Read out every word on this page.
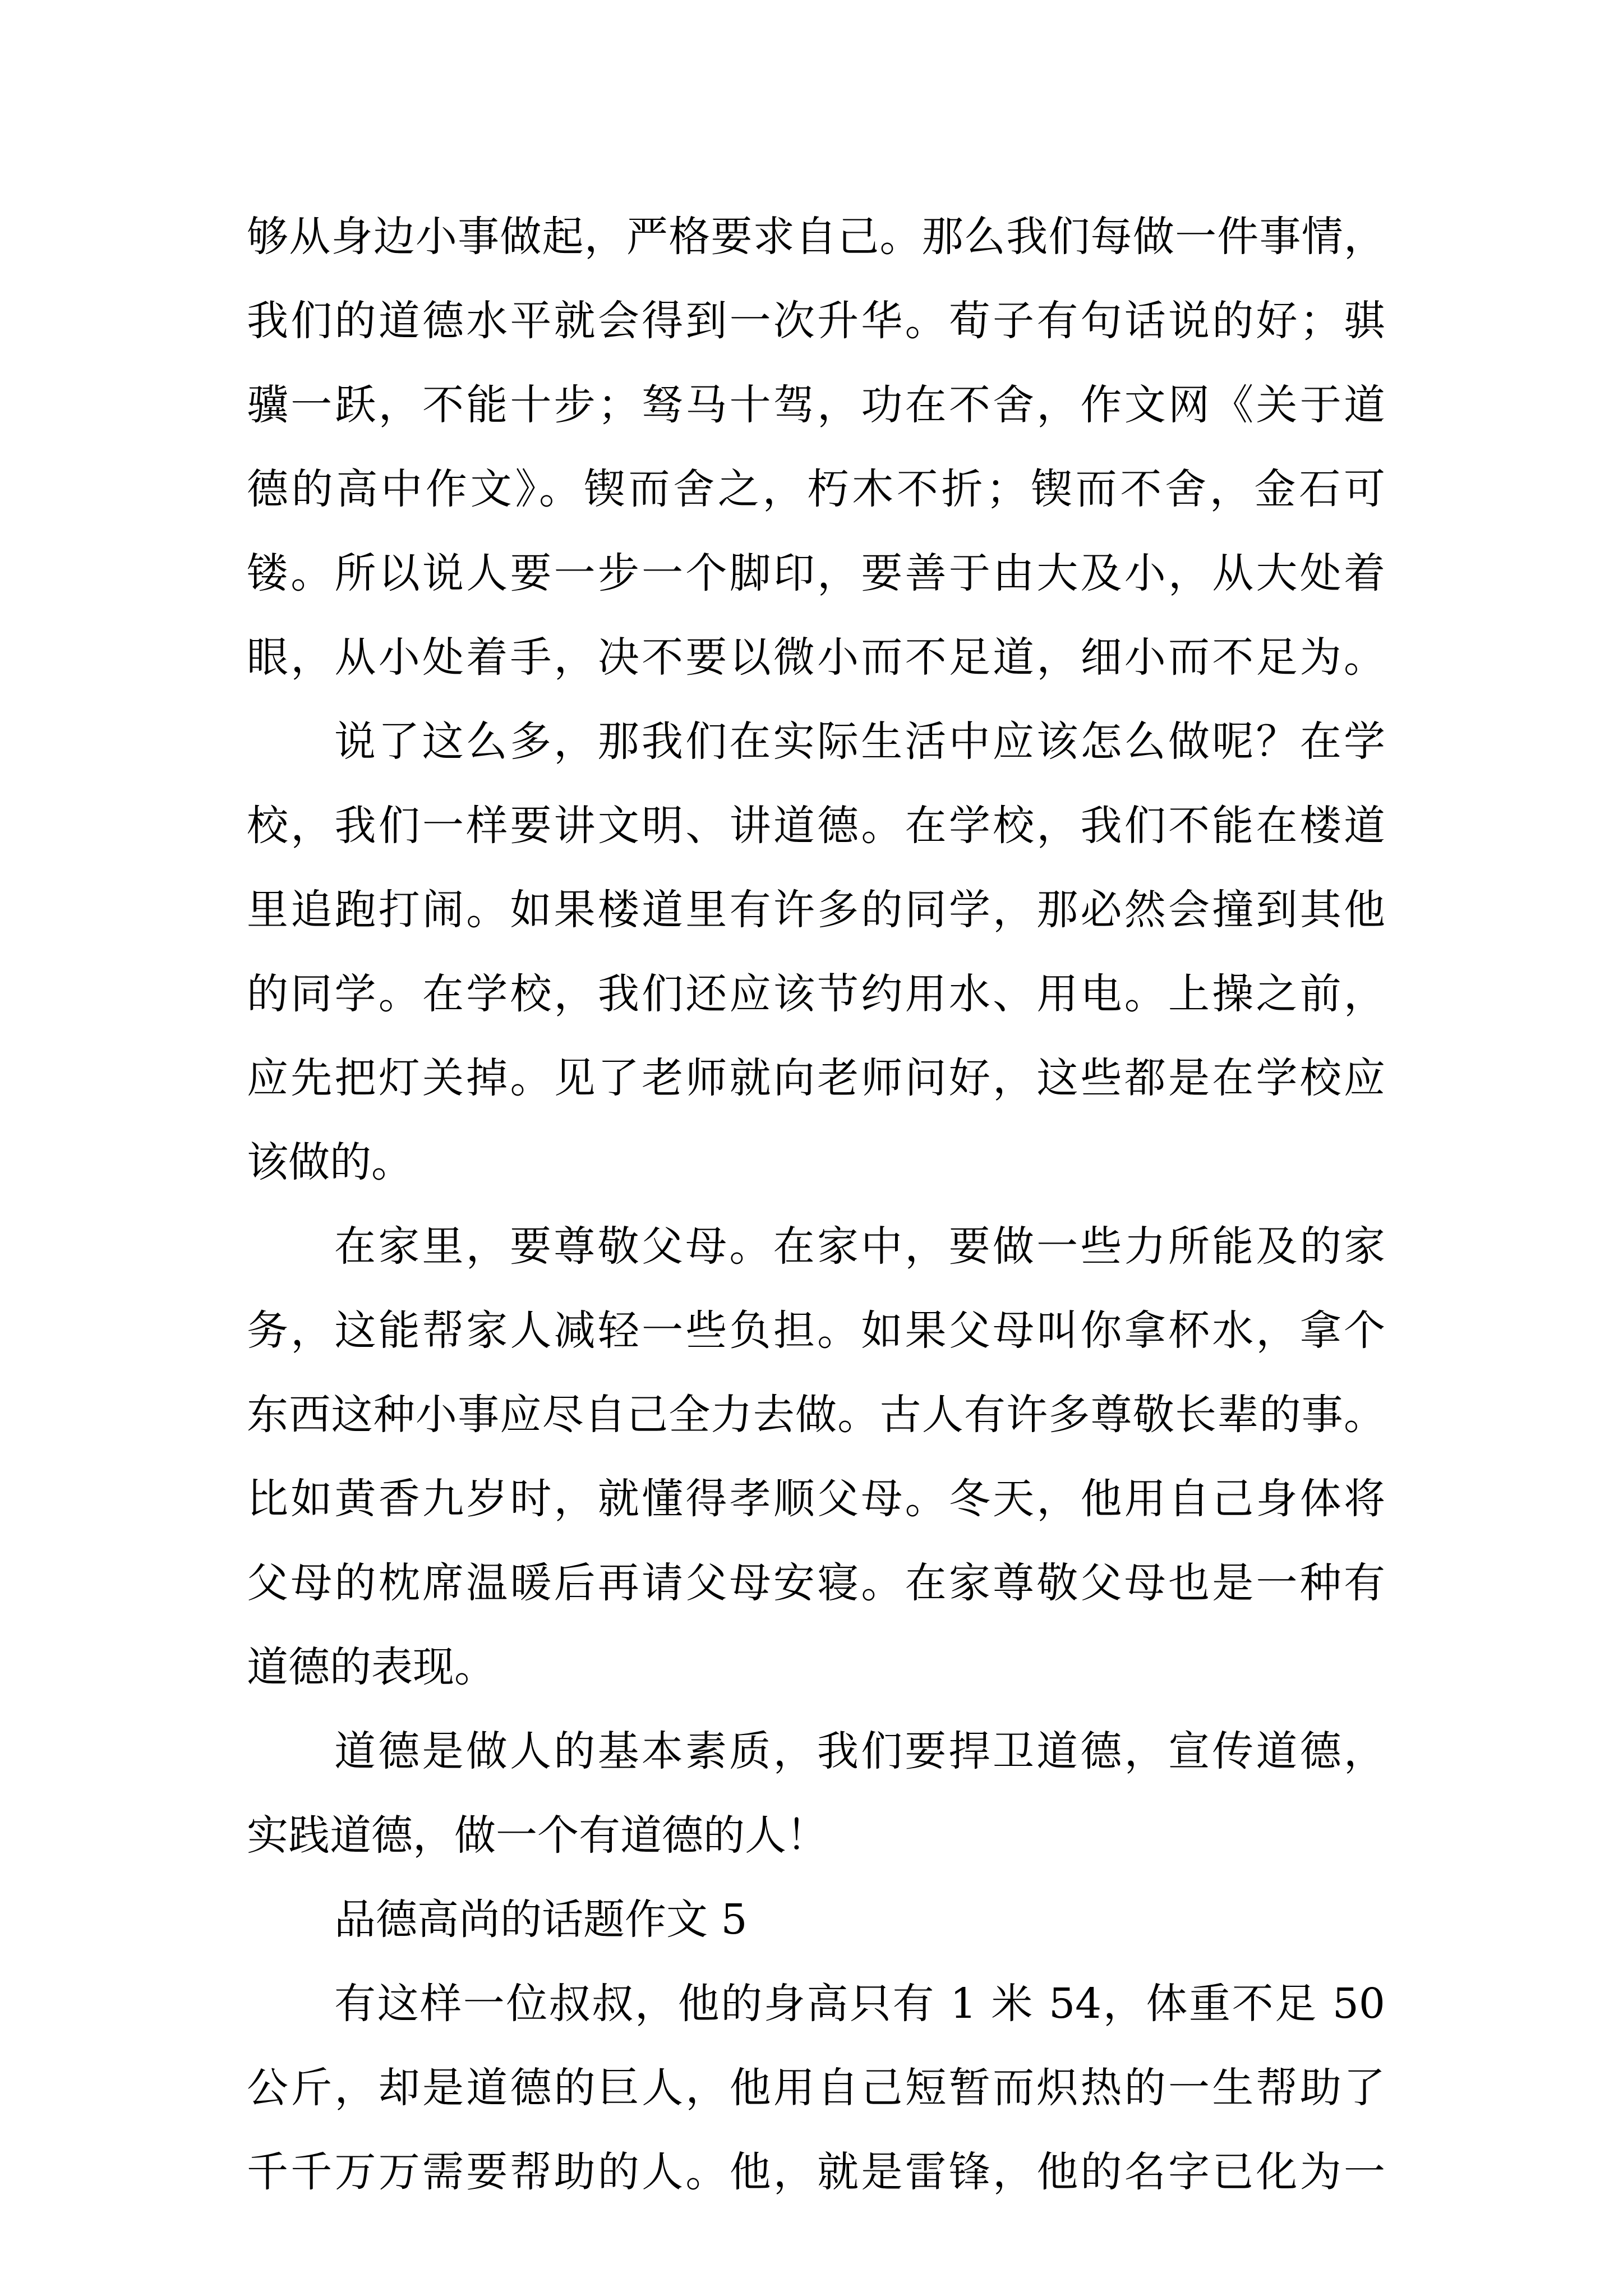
够从身边小事做起，严格要求自己。那么我们每做一件事情，
我们的道德水平就会得到一次升华。荀子有句话说的好；骐
骥一跃，不能十步；驽马十驾，功在不舍，作文网《关于道
德的高中作文》。锲而舍之，朽木不折；锲而不舍，金石可
镂。所以说人要一步一个脚印，要善于由大及小，从大处着
眼，从小处着手，决不要以微小而不足道，细小而不足为。
说了这么多，那我们在实际生活中应该怎么做呢？在学
校，我们一样要讲文明、讲道德。在学校，我们不能在楼道
里追跑打闹。如果楼道里有许多的同学，那必然会撞到其他
的同学。在学校，我们还应该节约用水、用电。上操之前，
应先把灯关掉。见了老师就向老师问好，这些都是在学校应
该做的。
在家里，要尊敬父母。在家中，要做一些力所能及的家
务，这能帮家人减轻一些负担。如果父母叫你拿杯水，拿个
东西这种小事应尽自己全力去做。古人有许多尊敬长辈的事。
比如黄香九岁时，就懂得孝顺父母。冬天，他用自己身体将
父母的枕席温暖后再请父母安寝。在家尊敬父母也是一种有
道德的表现。
道德是做人的基本素质，我们要捍卫道德，宣传道德，
实践道德，做一个有道德的人！
品德高尚的话题作文 5
有这样一位叔叔，他的身高只有 1 米 54，体重不足 50
公斤，却是道德的巨人，他用自己短暂而炽热的一生帮助了
千千万万需要帮助的人。他，就是雷锋，他的名字已化为一
